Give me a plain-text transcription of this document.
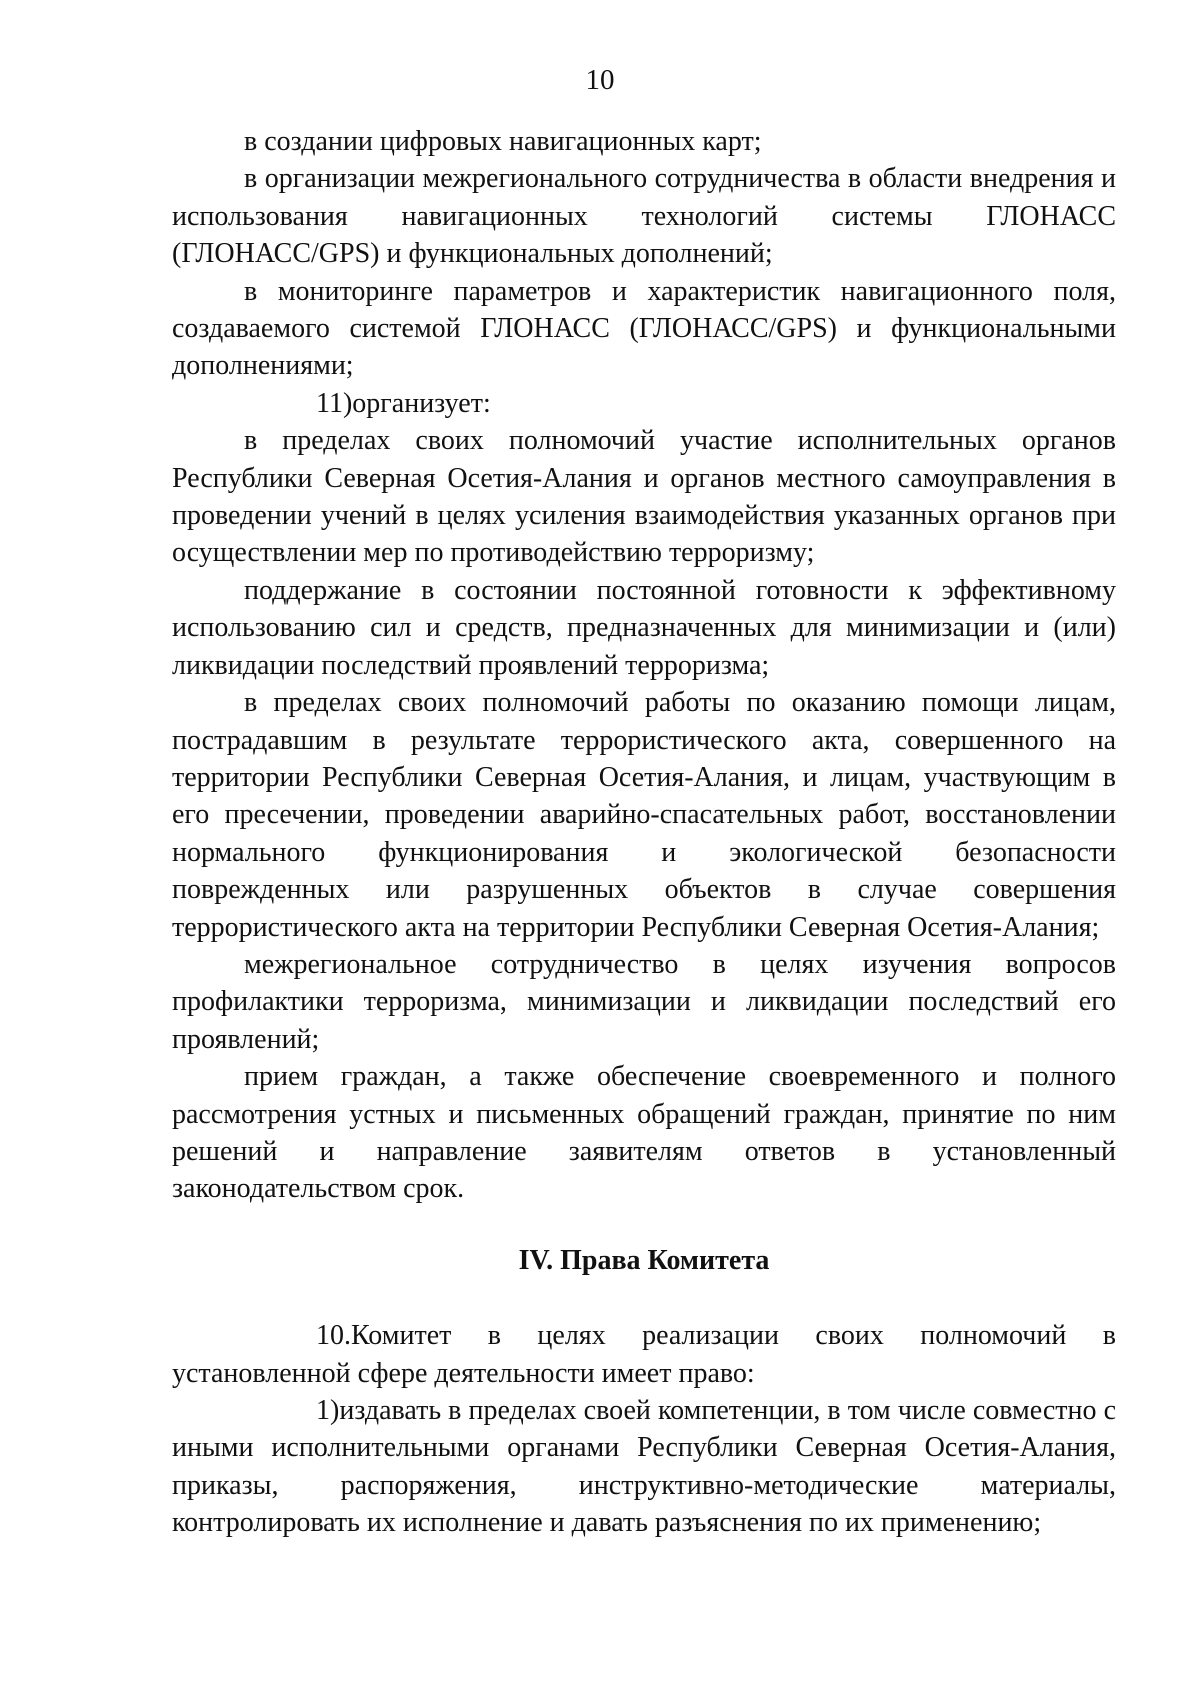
10

в создании цифровых навигационных карт;

в организации межрегионального сотрудничества в области внедрения и использования навигационных технологий системы ГЛОНАСС (ГЛОНАСС/GPS) и функциональных дополнений;

в мониторинге параметров и характеристик навигационного поля, создаваемого системой ГЛОНАСС (ГЛОНАСС/GPS) и функциональными дополнениями;

11)организует:

в пределах своих полномочий участие исполнительных органов Республики Северная Осетия-Алания и органов местного самоуправления в проведении учений в целях усиления взаимодействия указанных органов при осуществлении мер по противодействию терроризму;

поддержание в состоянии постоянной готовности к эффективному использованию сил и средств, предназначенных для минимизации и (или) ликвидации последствий проявлений терроризма;

в пределах своих полномочий работы по оказанию помощи лицам, пострадавшим в результате террористического акта, совершенного на территории Республики Северная Осетия-Алания, и лицам, участвующим в его пресечении, проведении аварийно-спасательных работ, восстановлении нормального функционирования и экологической безопасности поврежденных или разрушенных объектов в случае совершения террористического акта на территории Республики Северная Осетия-Алания;

межрегиональное сотрудничество в целях изучения вопросов профилактики терроризма, минимизации и ликвидации последствий его проявлений;

прием граждан, а также обеспечение своевременного и полного рассмотрения устных и письменных обращений граждан, принятие по ним решений и направление заявителям ответов в установленный законодательством срок.

IV. Права Комитета

10.Комитет в целях реализации своих полномочий в установленной сфере деятельности имеет право:

1)издавать в пределах своей компетенции, в том числе совместно с иными исполнительными органами Республики Северная Осетия-Алания, приказы, распоряжения, инструктивно-методические материалы, контролировать их исполнение и давать разъяснения по их применению;
